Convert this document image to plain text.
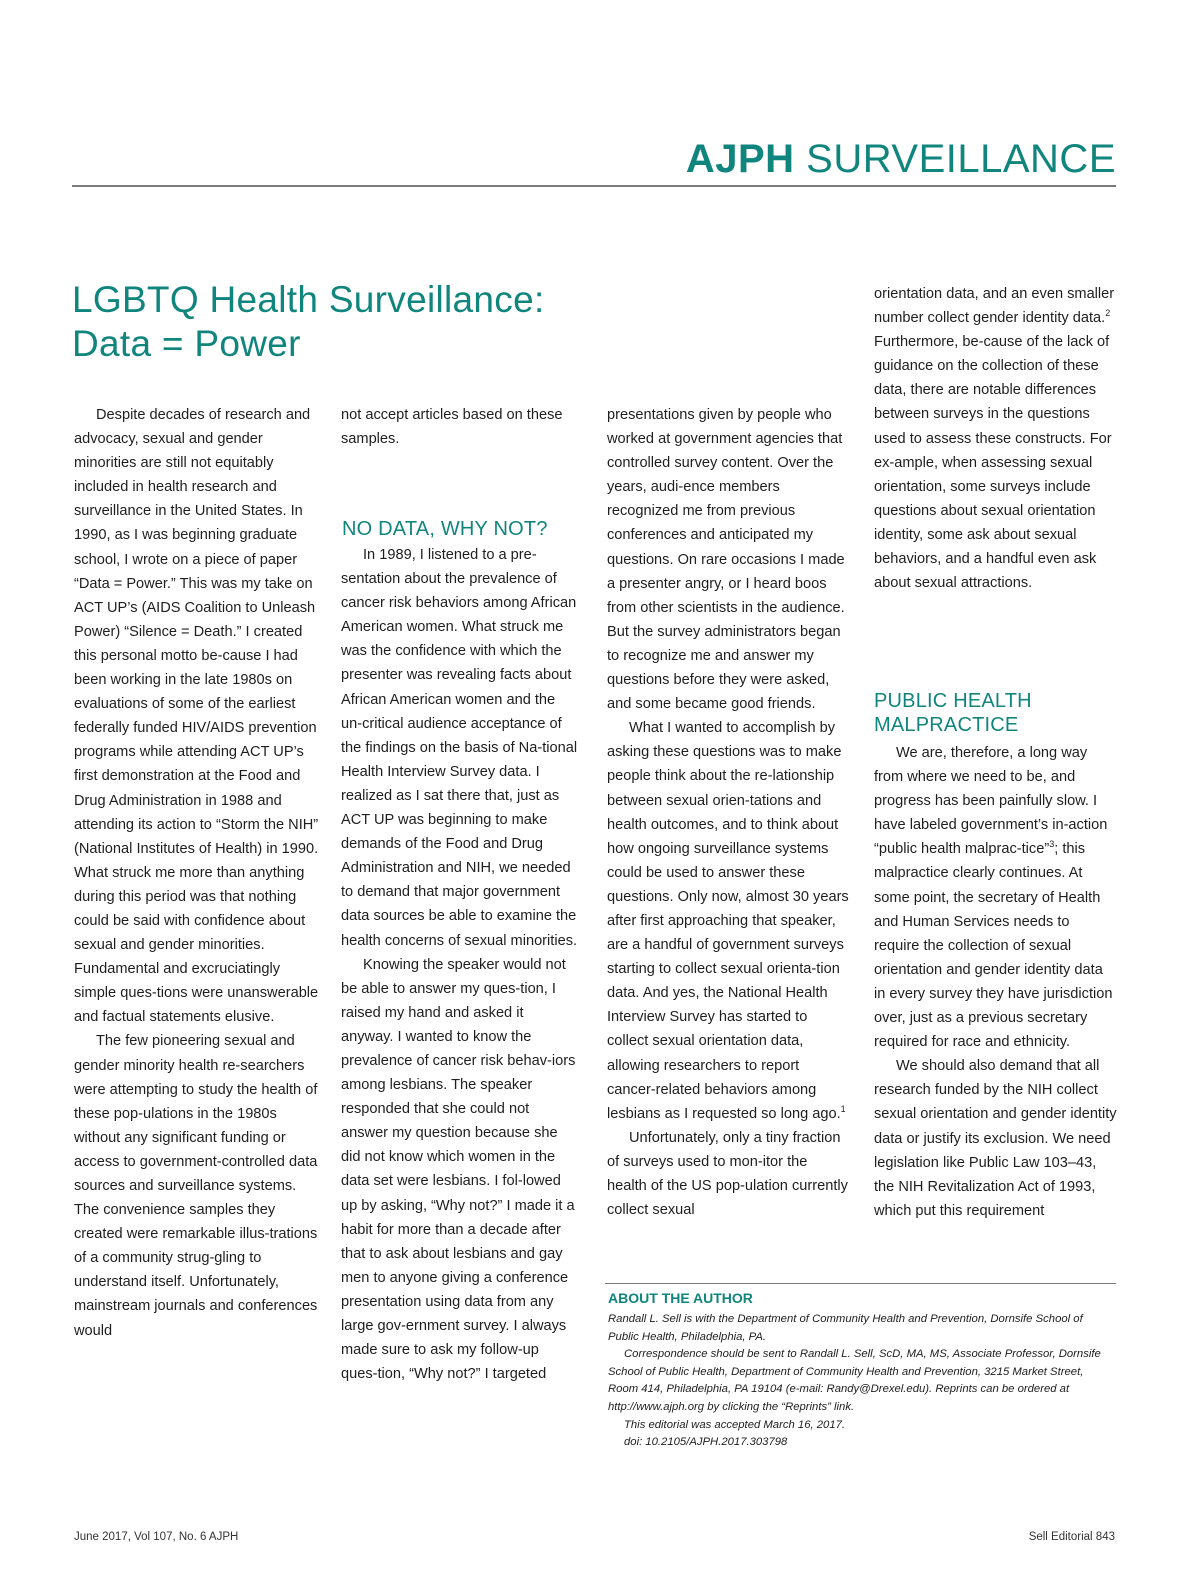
AJPH SURVEILLANCE
LGBTQ Health Surveillance:
Data = Power

Despite decades of research and advocacy, sexual and gender minorities are still not equitably included in health research and surveillance in the United States. In 1990, as I was beginning graduate school, I wrote on a piece of paper “Data = Power.” This was my take on ACT UP’s (AIDS Coalition to Unleash Power) “Silence = Death.” I created this personal motto be-cause I had been working in the late 1980s on evaluations of some of the earliest federally funded HIV/AIDS prevention programs while attending ACT UP’s first demonstration at the Food and Drug Administration in 1988 and attending its action to “Storm the NIH” (National Institutes of Health) in 1990. What struck me more than anything during this period was that nothing could be said with confidence about sexual and gender minorities. Fundamental and excruciatingly simple ques-tions were unanswerable and factual statements elusive.

The few pioneering sexual and gender minority health re-searchers were attempting to study the health of these pop-ulations in the 1980s without any significant funding or access to government-controlled data sources and surveillance systems. The convenience samples they created were remarkable illus-trations of a community strug-gling to understand itself. Unfortunately, mainstream journals and conferences would

not accept articles based on these samples.

NO DATA, WHY NOT?

In 1989, I listened to a pre-sentation about the prevalence of cancer risk behaviors among African American women. What struck me was the confidence with which the presenter was revealing facts about African American women and the un-critical audience acceptance of the findings on the basis of Na-tional Health Interview Survey data. I realized as I sat there that, just as ACT UP was beginning to make demands of the Food and Drug Administration and NIH, we needed to demand that major government data sources be able to examine the health concerns of sexual minorities.

Knowing the speaker would not be able to answer my ques-tion, I raised my hand and asked it anyway. I wanted to know the prevalence of cancer risk behav-iors among lesbians. The speaker responded that she could not answer my question because she did not know which women in the data set were lesbians. I fol-lowed up by asking, “Why not?” I made it a habit for more than a decade after that to ask about lesbians and gay men to anyone giving a conference presentation using data from any large gov-ernment survey. I always made sure to ask my follow-up ques-tion, “Why not?” I targeted

presentations given by people who worked at government agencies that controlled survey content. Over the years, audi-ence members recognized me from previous conferences and anticipated my questions. On rare occasions I made a presenter angry, or I heard boos from other scientists in the audience. But the survey administrators began to recognize me and answer my questions before they were asked, and some became good friends.

What I wanted to accomplish by asking these questions was to make people think about the re-lationship between sexual orien-tations and health outcomes, and to think about how ongoing surveillance systems could be used to answer these questions. Only now, almost 30 years after first approaching that speaker, are a handful of government surveys starting to collect sexual orienta-tion data. And yes, the National Health Interview Survey has started to collect sexual orientation data, allowing researchers to report cancer-related behaviors among lesbians as I requested so long ago.$^1$

Unfortunately, only a tiny fraction of surveys used to mon-itor the health of the US pop-ulation currently collect sexual

orientation data, and an even smaller number collect gender identity data.$^2$ Furthermore, be-cause of the lack of guidance on the collection of these data, there are notable differences between surveys in the questions used to assess these constructs. For ex-ample, when assessing sexual orientation, some surveys include questions about sexual orientation identity, some ask about sexual behaviors, and a handful even ask about sexual attractions.

PUBLIC HEALTH
MALPRACTICE

We are, therefore, a long way from where we need to be, and progress has been painfully slow. I have labeled government’s in-action “public health malprac-tice”$^3$; this malpractice clearly continues. At some point, the secretary of Health and Human Services needs to require the collection of sexual orientation and gender identity data in every survey they have jurisdiction over, just as a previous secretary required for race and ethnicity.

We should also demand that all research funded by the NIH collect sexual orientation and gender identity data or justify its exclusion. We need legislation like Public Law 103–43, the NIH Revitalization Act of 1993, which put this requirement

ABOUT THE AUTHOR

Randall L. Sell is with the Department of Community Health and Prevention, Dornsife School of Public Health, Philadelphia, PA.

Correspondence should be sent to Randall L. Sell, ScD, MA, MS, Associate Professor, Dornsife School of Public Health, Department of Community Health and Prevention, 3215 Market Street, Room 414, Philadelphia, PA 19104 (e-mail: Randy@Drexel.edu). Reprints can be ordered at http://www.ajph.org by clicking the “Reprints” link.

This editorial was accepted March 16, 2017.

doi: 10.2105/AJPH.2017.303798

June 2017, Vol 107, No. 6 AJPH	Sell Editorial 843
